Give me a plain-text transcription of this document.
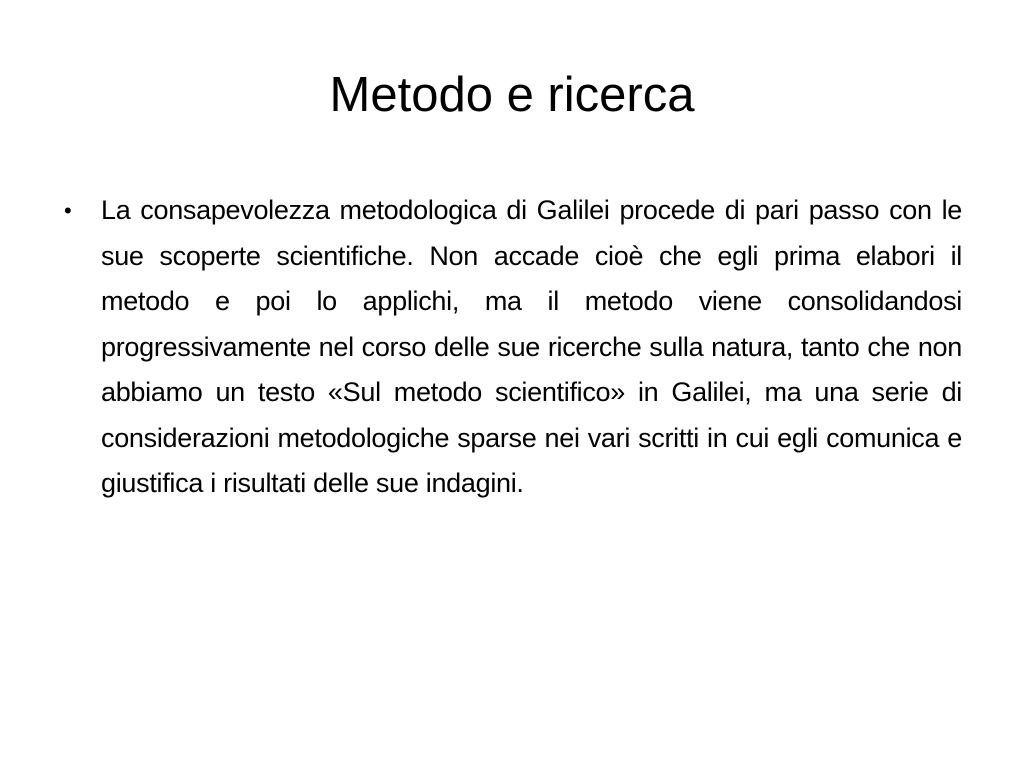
Metodo e ricerca
• La consapevolezza metodologica di Galilei procede di pari passo con le sue scoperte scientifiche. Non accade cioè che egli prima elabori il metodo e poi lo applichi, ma il metodo viene consolidandosi progressivamente nel corso delle sue ricerche sulla natura, tanto che non abbiamo un testo «Sul metodo scientifico» in Galilei, ma una serie di considerazioni metodologiche sparse nei vari scritti in cui egli comunica e giustifica i risultati delle sue indagini.
